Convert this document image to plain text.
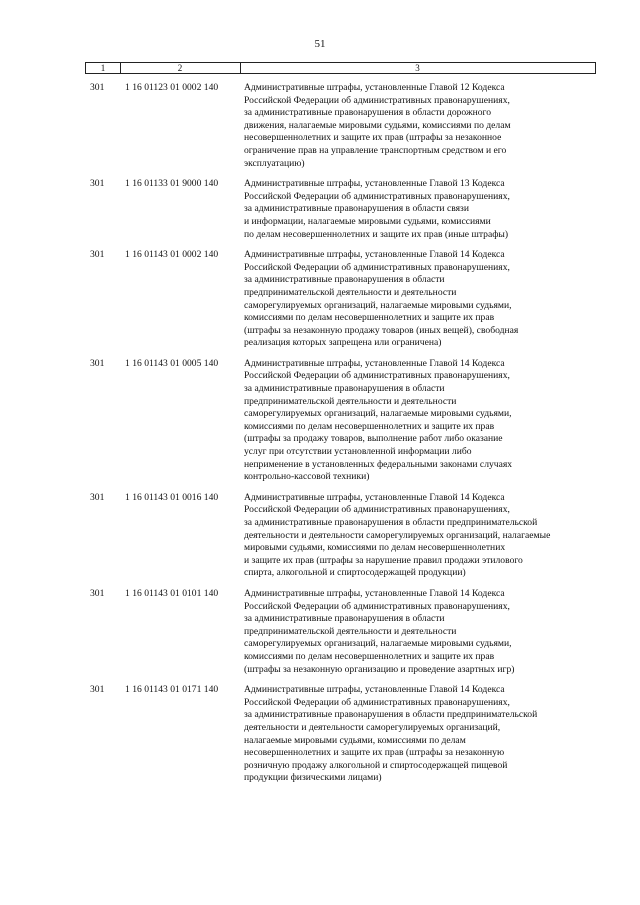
51
1	2	3
301 1 16 01123 01 0002 140	Административные штрафы, установленные Главой 12 Кодекса
Российской Федерации об административных правонарушениях,
за административные правонарушения в области дорожного
движения, налагаемые мировыми судьями, комиссиями по делам
несовершеннолетних и защите их прав (штрафы за незаконное
ограничение прав на управление транспортным средством и его
эксплуатацию)
301 1 16 01133 01 9000 140	Административные штрафы, установленные Главой 13 Кодекса
Российской Федерации об административных правонарушениях,
за административные правонарушения в области связи
и информации, налагаемые мировыми судьями, комиссиями
по делам несовершеннолетних и защите их прав (иные штрафы)
301 1 16 01143 01 0002 140	Административные штрафы, установленные Главой 14 Кодекса
Российской Федерации об административных правонарушениях,
за административные правонарушения в области
предпринимательской деятельности и деятельности
саморегулируемых организаций, налагаемые мировыми судьями,
комиссиями по делам несовершеннолетних и защите их прав
(штрафы за незаконную продажу товаров (иных вещей), свободная
реализация которых запрещена или ограничена)
301 1 16 01143 01 0005 140	Административные штрафы, установленные Главой 14 Кодекса
Российской Федерации об административных правонарушениях,
за административные правонарушения в области
предпринимательской деятельности и деятельности
саморегулируемых организаций, налагаемые мировыми судьями,
комиссиями по делам несовершеннолетних и защите их прав
(штрафы за продажу товаров, выполнение работ либо оказание
услуг при отсутствии установленной информации либо
неприменение в установленных федеральными законами случаях
контрольно-кассовой техники)
301 1 16 01143 01 0016 140	Административные штрафы, установленные Главой 14 Кодекса
Российской Федерации об административных правонарушениях,
за административные правонарушения в области предпринимательской
деятельности и деятельности саморегулируемых организаций, налагаемые
мировыми судьями, комиссиями по делам несовершеннолетних
и защите их прав (штрафы за нарушение правил продажи этилового
спирта, алкогольной и спиртосодержащей продукции)
301 1 16 01143 01 0101 140	Административные штрафы, установленные Главой 14 Кодекса
Российской Федерации об административных правонарушениях,
за административные правонарушения в области
предпринимательской деятельности и деятельности
саморегулируемых организаций, налагаемые мировыми судьями,
комиссиями по делам несовершеннолетних и защите их прав
(штрафы за незаконную организацию и проведение азартных игр)
301 1 16 01143 01 0171 140	Административные штрафы, установленные Главой 14 Кодекса
Российской Федерации об административных правонарушениях,
за административные правонарушения в области предпринимательской
деятельности и деятельности саморегулируемых организаций,
налагаемые мировыми судьями, комиссиями по делам
несовершеннолетних и защите их прав (штрафы за незаконную
розничную продажу алкогольной и спиртосодержащей пищевой
продукции физическими лицами)
